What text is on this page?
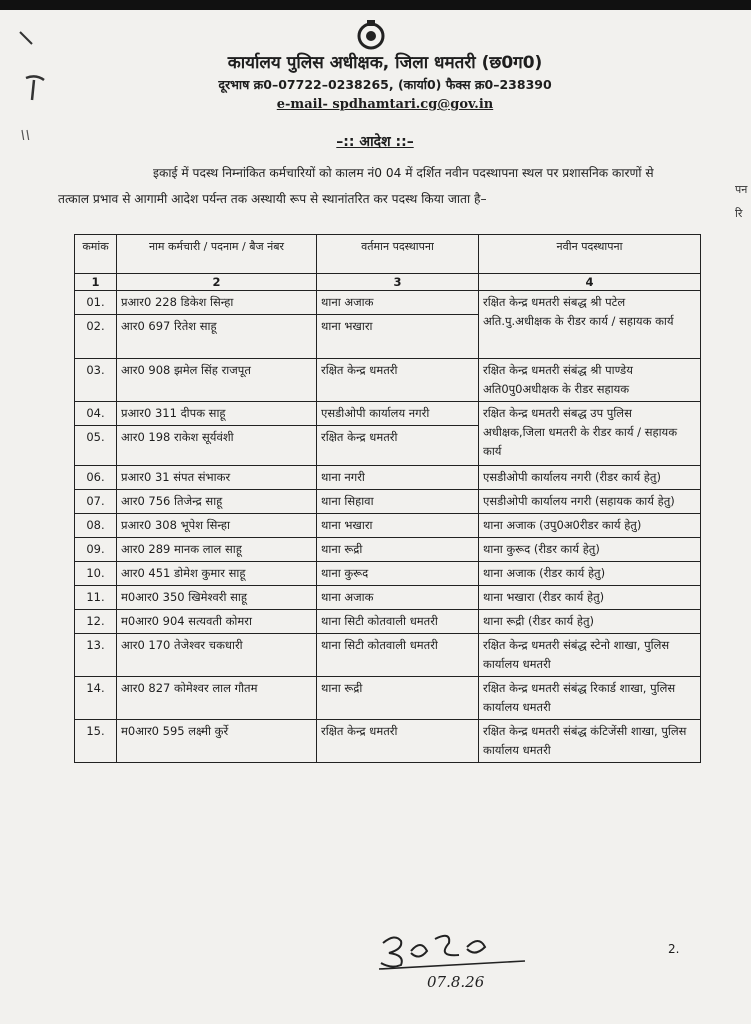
कार्यालय पुलिस अधीक्षक, जिला धमतरी (छ0ग0)
दूरभाष क्र0–07722–0238265, (कार्या0) फैक्स क्र0–238390
e-mail- spdhamtari.cg@gov.in
–:: आदेश ::–
इकाई में पदस्थ निम्नांकित कर्मचारियों को कालम नं0 04 में दर्शित नवीन पदस्थापना स्थल पर प्रशासनिक कारणों से तत्काल प्रभाव से आगामी आदेश पर्यन्त तक अस्थायी रूप से स्थानांतरित कर पदस्थ किया जाता है–
कमांक	नाम कर्मचारी / पदनाम / बैज नंबर	वर्तमान पदस्थापना	नवीन पदस्थापना
1	2	3	4
01.	प्रआर0 228 डिकेश सिन्हा	थाना अजाक	रक्षित केन्द्र धमतरी संबद्ध श्री पटेल अति.पु.अधीक्षक के रीडर कार्य / सहायक कार्य
02.	आर0 697 रितेश साहू	थाना भखारा	
03.	आर0 908 झमेल सिंह राजपूत	रक्षित केन्द्र धमतरी	रक्षित केन्द्र धमतरी संबंद्ध श्री पाण्डेय अति0पु0अधीक्षक के रीडर सहायक
04.	प्रआर0 311 दीपक साहू	एसडीओपी कार्यालय नगरी	रक्षित केन्द्र धमतरी संबद्ध उप पुलिस अधीक्षक,जिला धमतरी के रीडर कार्य / सहायक कार्य
05.	आर0 198 राकेश सूर्यवंशी	रक्षित केन्द्र धमतरी	
06.	प्रआर0 31 संपत संभाकर	थाना नगरी	एसडीओपी कार्यालय नगरी (रीडर कार्य हेतु)
07.	आर0 756 तिजेन्द्र साहू	थाना सिहावा	एसडीओपी कार्यालय नगरी (सहायक कार्य हेतु)
08.	प्रआर0 308 भूपेश सिन्हा	थाना भखारा	थाना अजाक (उपु0अ0रीडर कार्य हेतु)
09.	आर0 289 मानक लाल साहू	थाना रूद्री	थाना कुरूद (रीडर कार्य हेतु)
10.	आर0 451 डोमेश कुमार साहू	थाना कुरूद	थाना अजाक (रीडर कार्य हेतु)
11.	म0आर0 350 खिमेश्वरी साहू	थाना अजाक	थाना भखारा (रीडर कार्य हेतु)
12.	म0आर0 904 सत्यवती कोमरा	थाना सिटी कोतवाली धमतरी	थाना रूद्री (रीडर कार्य हेतु)
13.	आर0 170 तेजेश्वर चकधारी	थाना सिटी कोतवाली धमतरी	रक्षित केन्द्र धमतरी संबंद्ध स्टेनो शाखा, पुलिस कार्यालय धमतरी
14.	आर0 827 कोमेश्वर लाल गौतम	थाना रूद्री	रक्षित केन्द्र धमतरी संबंद्ध रिकार्ड शाखा, पुलिस कार्यालय धमतरी
15.	म0आर0 595 लक्ष्मी कुर्रे	रक्षित केन्द्र धमतरी	रक्षित केन्द्र धमतरी संबंद्ध कंटिजेंसी शाखा, पुलिस कार्यालय धमतरी
07.8.26
2.
पन
रि
